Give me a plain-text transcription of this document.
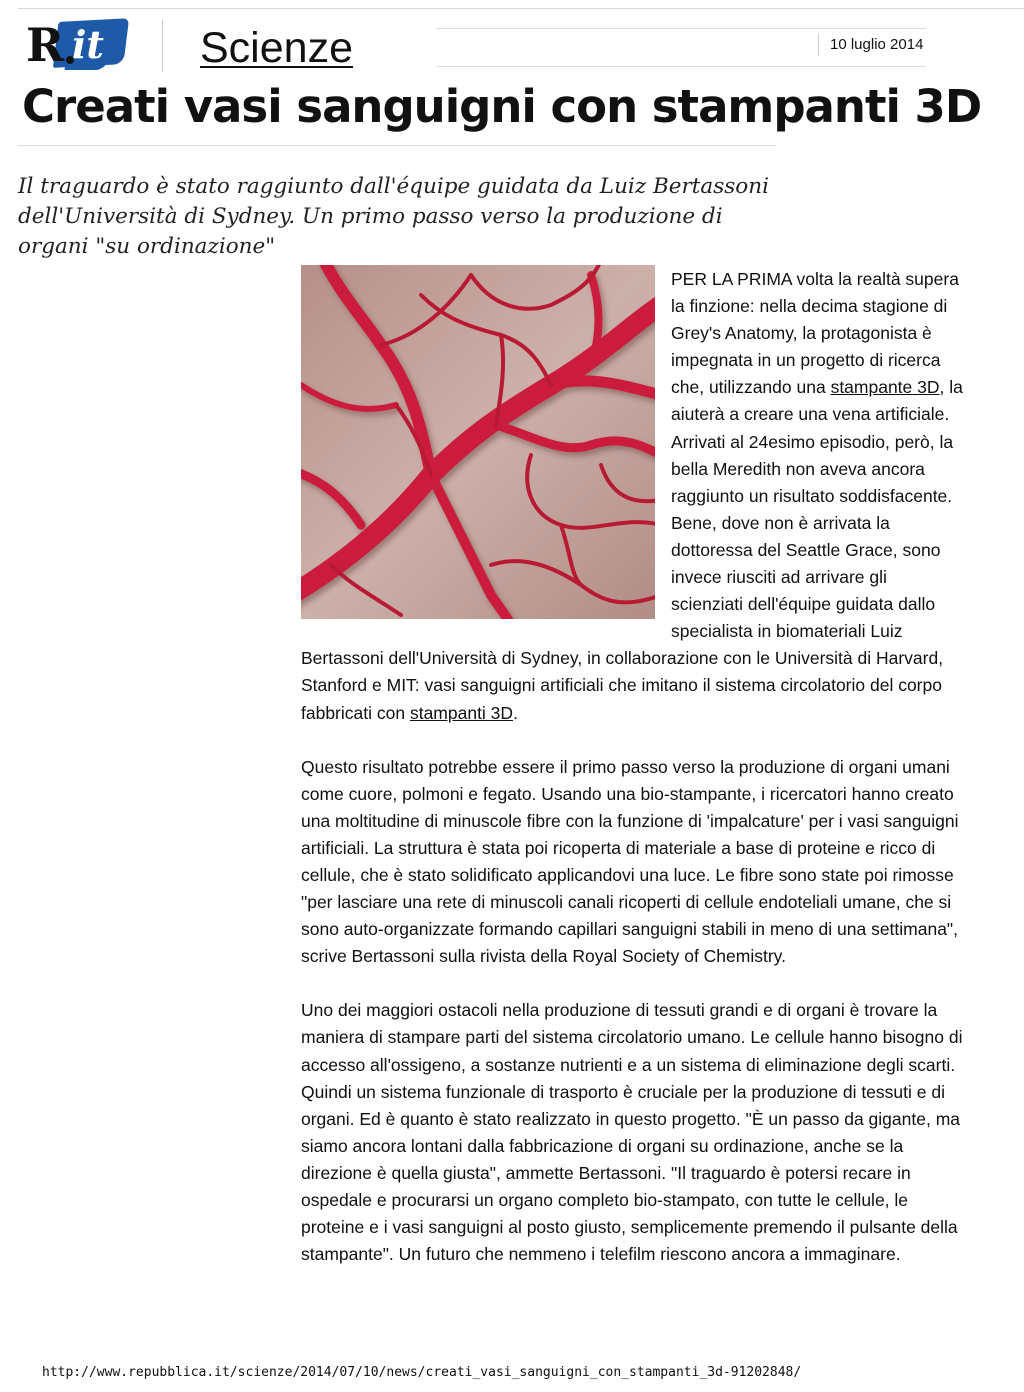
R it Scienze	10 luglio 2014
Creati vasi sanguigni con stampanti 3D

Il traguardo è stato raggiunto dall'équipe guidata da Luiz Bertassoni dell'Università di Sydney. Un primo passo verso la produzione di organi "su ordinazione"

PER LA PRIMA volta la realtà supera la finzione: nella decima stagione di Grey's Anatomy, la protagonista è impegnata in un progetto di ricerca che, utilizzando una stampante 3D, la aiuterà a creare una vena artificiale. Arrivati al 24esimo episodio, però, la bella Meredith non aveva ancora raggiunto un risultato soddisfacente. Bene, dove non è arrivata la dottoressa del Seattle Grace, sono invece riusciti ad arrivare gli scienziati dell'équipe guidata dallo specialista in biomateriali Luiz Bertassoni dell'Università di Sydney, in collaborazione con le Università di Harvard, Stanford e MIT: vasi sanguigni artificiali che imitano il sistema circolatorio del corpo fabbricati con stampanti 3D.

Questo risultato potrebbe essere il primo passo verso la produzione di organi umani come cuore, polmoni e fegato. Usando una bio-stampante, i ricercatori hanno creato una moltitudine di minuscole fibre con la funzione di 'impalcature' per i vasi sanguigni artificiali. La struttura è stata poi ricoperta di materiale a base di proteine e ricco di cellule, che è stato solidificato applicandovi una luce. Le fibre sono state poi rimosse "per lasciare una rete di minuscoli canali ricoperti di cellule endoteliali umane, che si sono auto-organizzate formando capillari sanguigni stabili in meno di una settimana", scrive Bertassoni sulla rivista della Royal Society of Chemistry.

Uno dei maggiori ostacoli nella produzione di tessuti grandi e di organi è trovare la maniera di stampare parti del sistema circolatorio umano. Le cellule hanno bisogno di accesso all'ossigeno, a sostanze nutrienti e a un sistema di eliminazione degli scarti. Quindi un sistema funzionale di trasporto è cruciale per la produzione di tessuti e di organi. Ed è quanto è stato realizzato in questo progetto. "È un passo da gigante, ma siamo ancora lontani dalla fabbricazione di organi su ordinazione, anche se la direzione è quella giusta", ammette Bertassoni. "Il traguardo è potersi recare in ospedale e procurarsi un organo completo bio-stampato, con tutte le cellule, le proteine e i vasi sanguigni al posto giusto, semplicemente premendo il pulsante della stampante". Un futuro che nemmeno i telefilm riescono ancora a immaginare.

http://www.repubblica.it/scienze/2014/07/10/news/creati_vasi_sanguigni_con_stampanti_3d-91202848/
